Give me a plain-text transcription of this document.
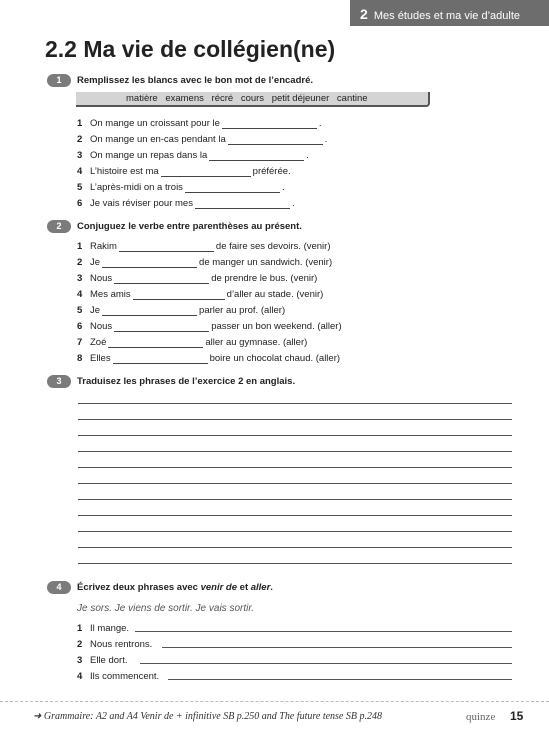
2 Mes études et ma vie d’adulte
2.2 Ma vie de collégien(ne)
1	Remplissez les blancs avec le bon mot de l’encadré.
matière examens récré cours petit déjeuner cantine
1 On mange un croissant pour le	.
2 On mange un en-cas pendant la	.
3 On mange un repas dans la	.
4 L’histoire est ma	préférée.
5 L’après-midi on a trois	.
6 Je vais réviser pour mes	.
2	Conjuguez le verbe entre parenthèses au présent.
1 Rakim	de faire ses devoirs. (venir)
2 Je	de manger un sandwich. (venir)
3 Nous	de prendre le bus. (venir)
4 Mes amis	d’aller au stade. (venir)
5 Je	parler au prof. (aller)
6 Nous	passer un bon weekend. (aller)
7 Zoé	aller au gymnase. (aller)
8 Elles	boire un chocolat chaud. (aller)
3	Traduisez les phrases de l’exercice 2 en anglais.
4	Écrivez deux phrases avec venir de et aller.
Je sors. Je viens de sortir. Je vais sortir.
1 Il mange.
2 Nous rentrons.
3 Elle dort.
4 Ils commencent.
➜ Grammaire: A2 and A4 Venir de + infinitive SB p.250 and The future tense SB p.248	quinze 15
